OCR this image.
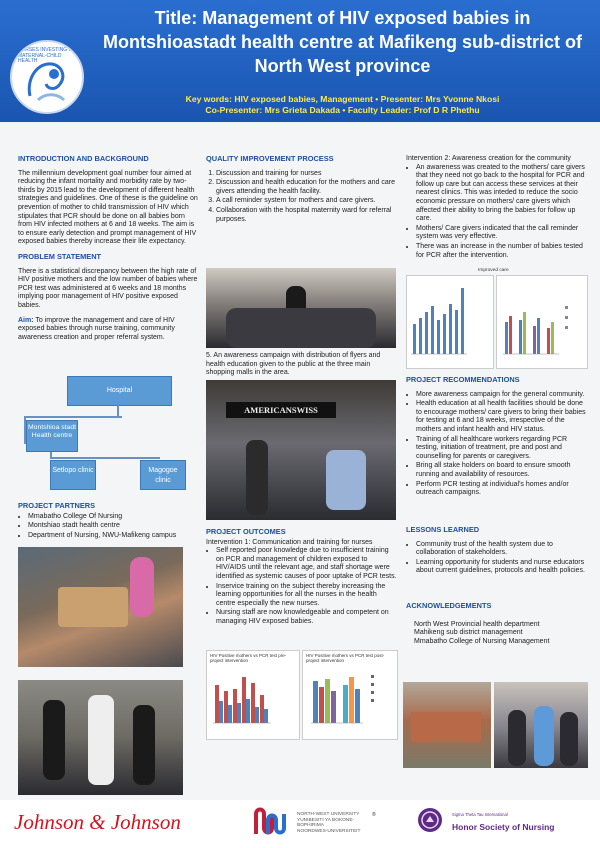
NURSES INVESTING IN MATERNAL-CHILD HEALTH
Title: Management of HIV exposed babies in Montshioastadt health centre at Mafikeng sub-district of North West province
Key words: HIV exposed babies, Management • Presenter: Mrs Yvonne Nkosi
Co-Presenter: Mrs Grieta Dakada • Faculty Leader: Prof D R Phethu
INTRODUCTION AND BACKGROUND

The millennium development goal number four aimed at reducing the infant mortality and morbidity rate by two-thirds by 2015 lead to the development of different health strategies and guidelines. One of these is the guideline on prevention of mother to child transmission of HIV which stipulates that PCR should be done on all babies born from HIV infected mothers at 6 and 18 weeks. The aim is to ensure early detection and prompt management of HIV exposed babies thereby increase their life expectancy.

PROBLEM STATEMENT

There is a statistical discrepancy between the high rate of HIV positive mothers and the low number of babies where PCR test was administered at 6 weeks and 18 months implying poor management of HIV positive exposed babies.

Aim: To improve the management and care of HIV exposed babies through nurse training, community awareness creation and proper referral system.

Hospital
Montshioa stadt Health centre
Setlopo clinic	Magogoe clinic
PROJECT PARTNERS
• Mmabatho College Of Nursing
• Montshiao stadt health centre
• Department of Nursing, NWU-Mafikeng campus
QUALITY IMPROVEMENT PROCESS
1. Discussion and training for nurses
2. Discussion and health education for the mothers and care givers attending the health facility.
3. A call reminder system for mothers and care givers.
4. Collaboration with the hospital maternity ward for referral purposes.

5. An awareness campaign with distribution of flyers and health education given to the public at the three main shopping malls in the area.

AMERICANSWISS
PROJECT OUTCOMES
Intervention 1: Communication and training for nurses
• Self reported poor knowledge due to insufficient training on PCR and management of children exposed to HIV/AIDS until the relevant age, and staff shortage were identified as systemic causes of poor uptake of PCR tests.
• Inservice training on the subject thereby increasing the learning opportunities for all the nurses in the health centre especially the new nurses.
• Nursing staff are now knowledgeable and competent on managing HIV exposed babies.
HIV Positive mothers vs PCR test pre-project intervention
HIV Positive mothers vs PCR test post-project intervention
Intervention 2: Awareness creation for the community
• An awareness was created to the mothers/ care givers that they need not go back to the hospital for PCR and follow up care but can access these services at their nearest clinics. This was inteded to reduce the socio economic pressure on mothers/ care givers which affected their ability to bring the babies for follow up care.
• Mothers/ Care givers indicated that the call reminder system was very effective.
• There was an increase in the number of babies tested for PCR after the intervention.
Improved care
PROJECT RECOMMENDATIONS
• More awareness campaign for the general community.
• Health education at all health facilities should be done to encourage mothers/ care givers to bring their babies for testing at 6 and 18 weeks, irrespective of the mothers and infant health and HIV status.
• Training of all healthcare workers regarding PCR testing, initiation of treatment, pre and post and counselling for parents or caregivers.
• Bring all stake holders on board to ensure smooth running and availability of resources.
• Perform PCR testing at individual's homes and/or outreach campaigns.
LESSONS LEARNED
• Community trust of the health system due to collaboration of stakeholders.
• Learning opportunity for students and nurse educators about current guidelines, protocols and health policies.
ACKNOWLEDGEMENTS

North West Provincial health department

Mahikeng sub district management

Mmabatho College of Nursing Management

Johnson & Johnson	NORTH-WEST UNIVERSITY
YUNIBESITI YA BOKONE-BOPHIRIMA
NOORDWES-UNIVERSITEIT
®	Sigma Theta Tau International
Honor Society of Nursing
